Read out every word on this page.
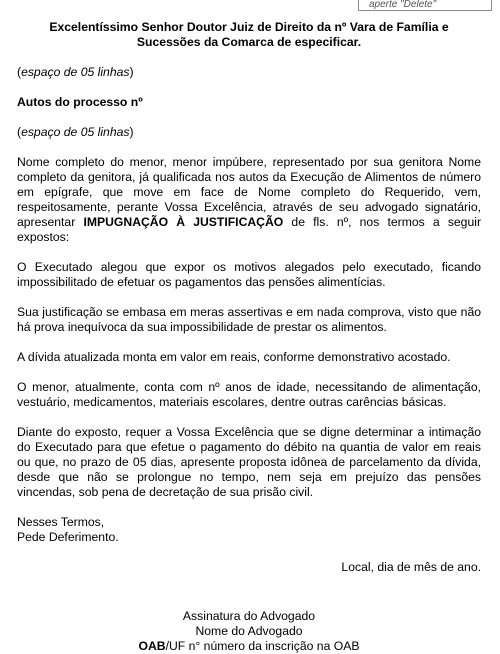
aperte "Delete"

Excelentíssimo Senhor Doutor Juiz de Direito da nº Vara de Família e Sucessões da Comarca de especificar.

(espaço de 05 linhas)

Autos do processo nº

(espaço de 05 linhas)

Nome completo do menor, menor impúbere, representado por sua genitora Nome completo da genitora, já qualificada nos autos da Execução de Alimentos de número em epígrafe, que move em face de Nome completo do Requerido, vem, respeitosamente, perante Vossa Excelência, através de seu advogado signatário, apresentar IMPUGNAÇÃO À JUSTIFICAÇÃO de fls. nº, nos termos a seguir expostos:

O Executado alegou que expor os motivos alegados pelo executado, ficando impossibilitado de efetuar os pagamentos das pensões alimentícias.

Sua justificação se embasa em meras assertivas e em nada comprova, visto que não há prova inequívoca da sua impossibilidade de prestar os alimentos.

A dívida atualizada monta em valor em reais, conforme demonstrativo acostado.

O menor, atualmente, conta com nº anos de idade, necessitando de alimentação, vestuário, medicamentos, materiais escolares, dentre outras carências básicas.

Diante do exposto, requer a Vossa Excelência que se digne determinar a intimação do Executado para que efetue o pagamento do débito na quantia de valor em reais ou que, no prazo de 05 dias, apresente proposta idônea de parcelamento da dívida, desde que não se prolongue no tempo, nem seja em prejuízo das pensões vincendas, sob pena de decretação de sua prisão civil.

Nesses Termos,

Pede Deferimento.

Local, dia de mês de ano.

Assinatura do Advogado

Nome do Advogado

OAB/UF n° número da inscrição na OAB
